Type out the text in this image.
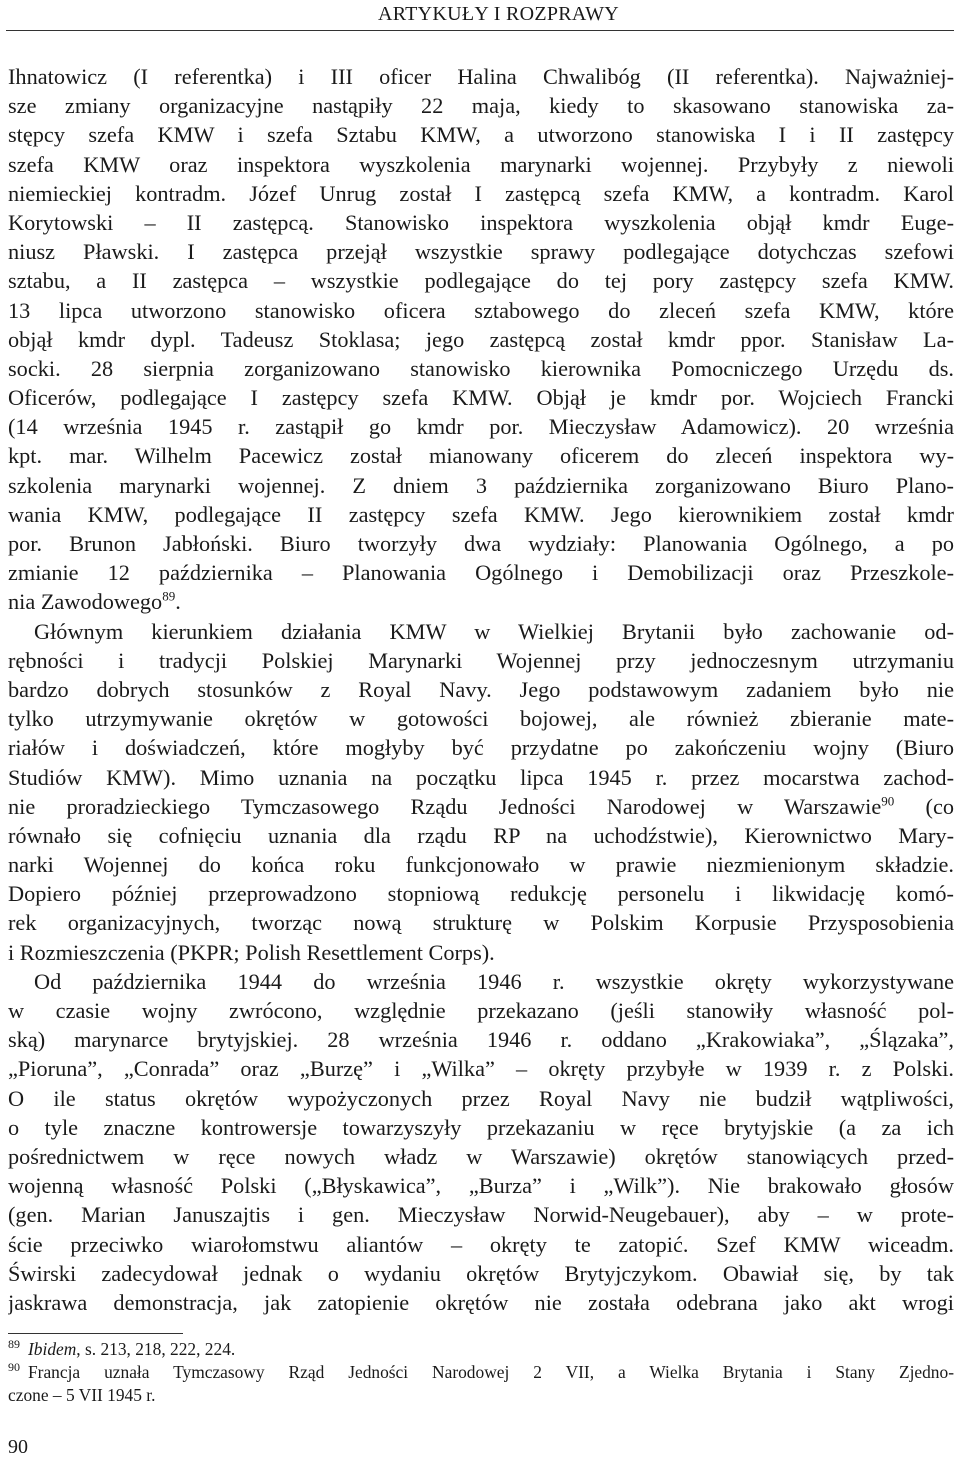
ARTYKUŁY I ROZPRAWY
Ihnatowicz (I referentka) i III oficer Halina Chwalibóg (II referentka). Najważniej-
sze zmiany organizacyjne nastąpiły 22 maja, kiedy to skasowano stanowiska za-
stępcy szefa KMW i szefa Sztabu KMW, a utworzono stanowiska I i II zastępcy
szefa KMW oraz inspektora wyszkolenia marynarki wojennej. Przybyły z niewoli
niemieckiej kontradm. Józef Unrug został I zastępcą szefa KMW, a kontradm. Karol
Korytowski – II zastępcą. Stanowisko inspektora wyszkolenia objął kmdr Euge-
niusz Pławski. I zastępca przejął wszystkie sprawy podlegające dotychczas szefowi
sztabu, a II zastępca – wszystkie podlegające do tej pory zastępcy szefa KMW.
13 lipca utworzono stanowisko oficera sztabowego do zleceń szefa KMW, które
objął kmdr dypl. Tadeusz Stoklasa; jego zastępcą został kmdr ppor. Stanisław La-
socki. 28 sierpnia zorganizowano stanowisko kierownika Pomocniczego Urzędu ds.
Oficerów, podlegające I zastępcy szefa KMW. Objął je kmdr por. Wojciech Francki
(14 września 1945 r. zastąpił go kmdr por. Mieczysław Adamowicz). 20 września
kpt. mar. Wilhelm Pacewicz został mianowany oficerem do zleceń inspektora wy-
szkolenia marynarki wojennej. Z dniem 3 października zorganizowano Biuro Plano-
wania KMW, podlegające II zastępcy szefa KMW. Jego kierownikiem został kmdr
por. Brunon Jabłoński. Biuro tworzyły dwa wydziały: Planowania Ogólnego, a po
zmianie 12 października – Planowania Ogólnego i Demobilizacji oraz Przeszkole-
nia Zawodowego$^{89}$.
Głównym kierunkiem działania KMW w Wielkiej Brytanii było zachowanie od-
rębności i tradycji Polskiej Marynarki Wojennej przy jednoczesnym utrzymaniu
bardzo dobrych stosunków z Royal Navy. Jego podstawowym zadaniem było nie
tylko utrzymywanie okrętów w gotowości bojowej, ale również zbieranie mate-
riałów i doświadczeń, które mogłyby być przydatne po zakończeniu wojny (Biuro
Studiów KMW). Mimo uznania na początku lipca 1945 r. przez mocarstwa zachod-
nie proradzieckiego Tymczasowego Rządu Jedności Narodowej w Warszawie$^{90}$ (co
równało się cofnięciu uznania dla rządu RP na uchodźstwie), Kierownictwo Mary-
narki Wojennej do końca roku funkcjonowało w prawie niezmienionym składzie.
Dopiero później przeprowadzono stopniową redukcję personelu i likwidację komó-
rek organizacyjnych, tworząc nową strukturę w Polskim Korpusie Przysposobienia
i Rozmieszczenia (PKPR; Polish Resettlement Corps).
Od października 1944 do września 1946 r. wszystkie okręty wykorzystywane
w czasie wojny zwrócono, względnie przekazano (jeśli stanowiły własność pol-
ską) marynarce brytyjskiej. 28 września 1946 r. oddano „Krakowiaka”, „Ślązaka”,
„Pioruna”, „Conrada” oraz „Burzę” i „Wilka” – okręty przybyłe w 1939 r. z Polski.
O ile status okrętów wypożyczonych przez Royal Navy nie budził wątpliwości,
o tyle znaczne kontrowersje towarzyszyły przekazaniu w ręce brytyjskie (a za ich
pośrednictwem w ręce nowych władz w Warszawie) okrętów stanowiących przed-
wojenną własność Polski („Błyskawica”, „Burza” i „Wilk”). Nie brakowało głosów
(gen. Marian Januszajtis i gen. Mieczysław Norwid-Neugebauer), aby – w prote-
ście przeciwko wiarołomstwu aliantów – okręty te zatopić. Szef KMW wiceadm.
Świrski zadecydował jednak o wydaniu okrętów Brytyjczykom. Obawiał się, by tak
jaskrawa demonstracja, jak zatopienie okrętów nie została odebrana jako akt wrogi
$^{89}$ Ibidem, s. 213, 218, 222, 224.
$^{90}$ Francja uznała Tymczasowy Rząd Jedności Narodowej 2 VII, a Wielka Brytania i Stany Zjedno-
czone – 5 VII 1945 r.
90
